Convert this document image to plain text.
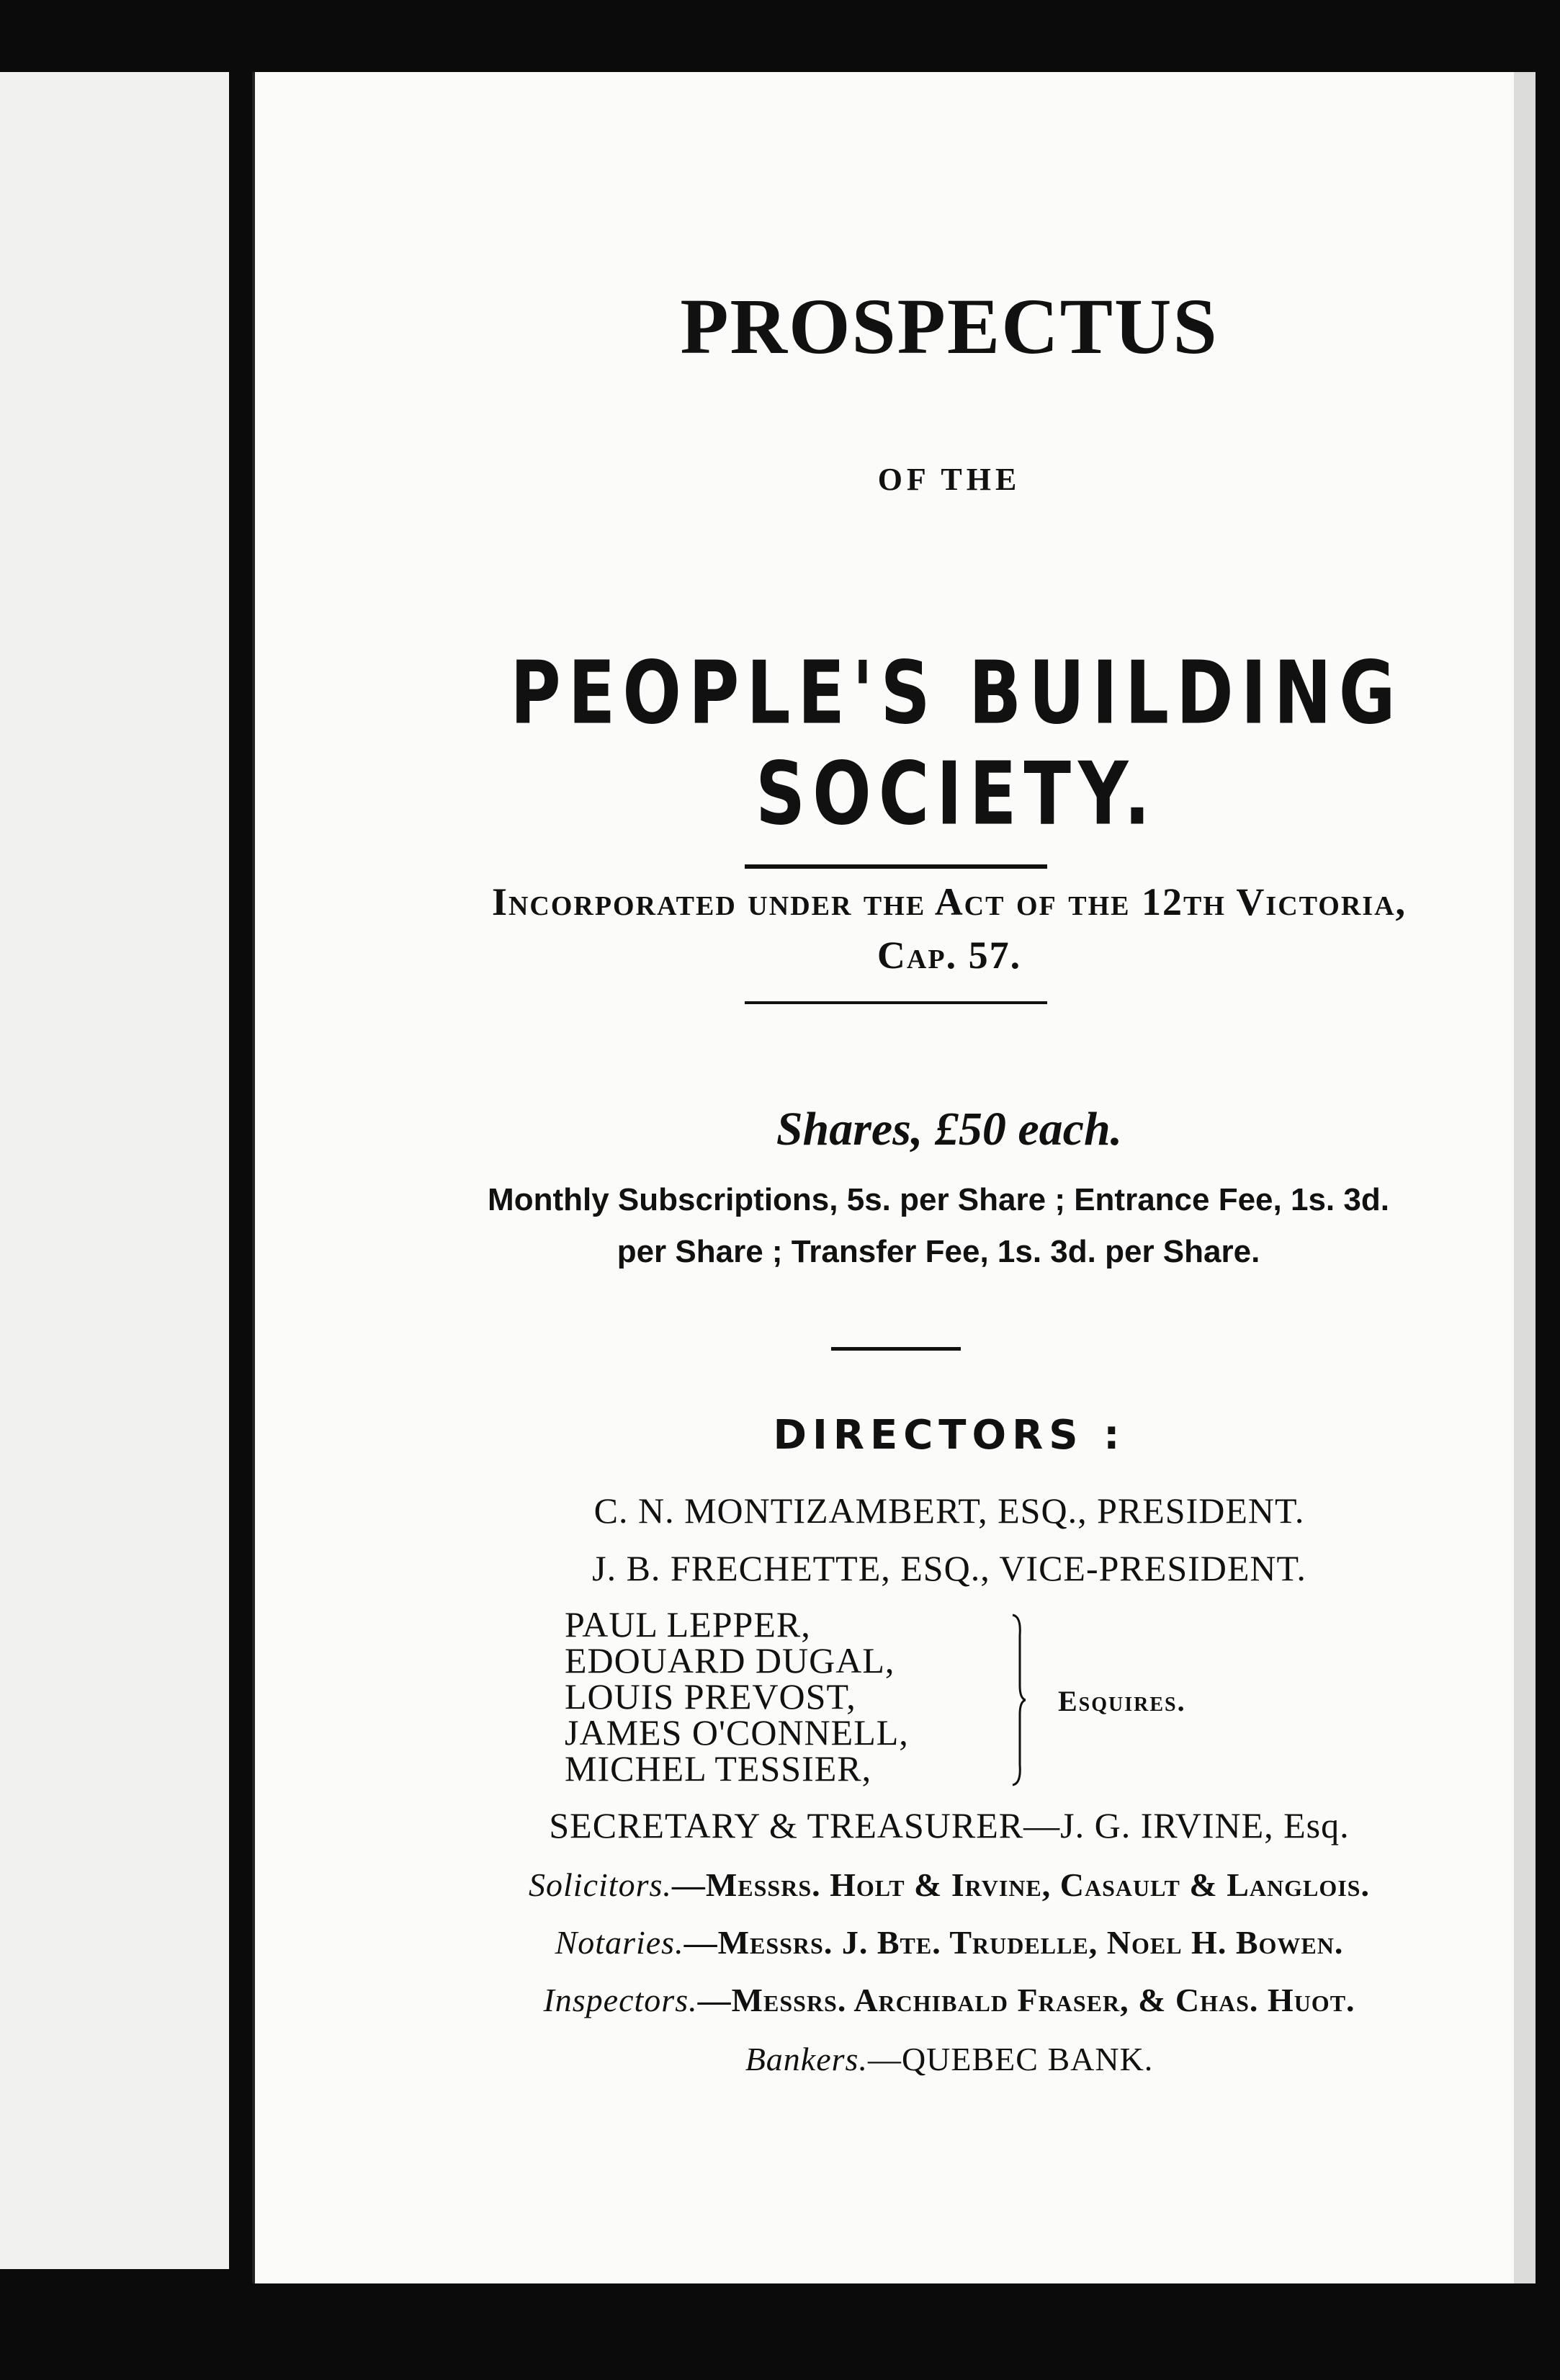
PROSPECTUS
OF THE
PEOPLE'S BUILDING SOCIETY.
Incorporated under the Act of the 12th Victoria,
Cap. 57.
Shares, £50 each.
Monthly Subscriptions, 5s. per Share ; Entrance Fee, 1s. 3d.
per Share ; Transfer Fee, 1s. 3d. per Share.
DIRECTORS :
C. N. MONTIZAMBERT, ESQ., PRESIDENT.
J. B. FRECHETTE, ESQ., VICE-PRESIDENT.
PAUL LEPPER,
EDOUARD DUGAL,
LOUIS PREVOST,
JAMES O'CONNELL,
MICHEL TESSIER,
Esquires.
SECRETARY & TREASURER—J. G. IRVINE, Esq.
Solicitors.—Messrs. Holt & Irvine, Casault & Langlois.
Notaries.—Messrs. J. Bte. Trudelle, Noel H. Bowen.
Inspectors.—Messrs. Archibald Fraser, & Chas. Huot.
Bankers.—QUEBEC BANK.
